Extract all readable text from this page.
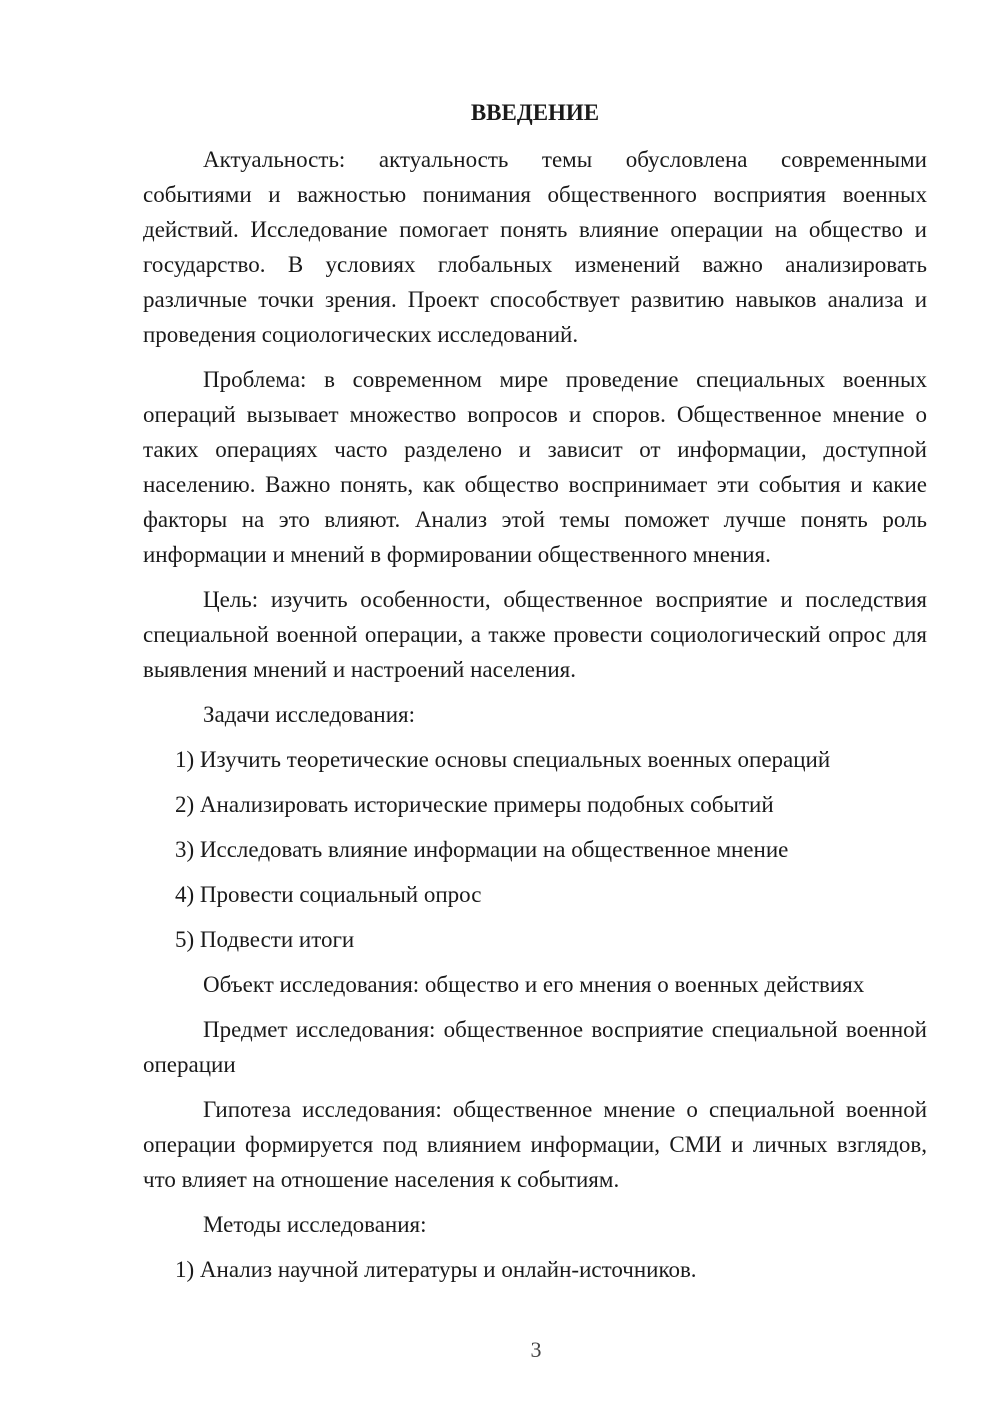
ВВЕДЕНИЕ

Актуальность: актуальность темы обусловлена современными событиями и важностью понимания общественного восприятия военных действий. Исследование помогает понять влияние операции на общество и государство. В условиях глобальных изменений важно анализировать различные точки зрения. Проект способствует развитию навыков анализа и проведения социологических исследований.

Проблема: в современном мире проведение специальных военных операций вызывает множество вопросов и споров. Общественное мнение о таких операциях часто разделено и зависит от информации, доступной населению. Важно понять, как общество воспринимает эти события и какие факторы на это влияют. Анализ этой темы поможет лучше понять роль информации и мнений в формировании общественного мнения.

Цель: изучить особенности, общественное восприятие и последствия специальной военной операции, а также провести социологический опрос для выявления мнений и настроений населения.

Задачи исследования:

1) Изучить теоретические основы специальных военных операций
2) Анализировать исторические примеры подобных событий
3) Исследовать влияние информации на общественное мнение
4) Провести социальный опрос
5) Подвести итоги

Объект исследования: общество и его мнения о военных действиях

Предмет исследования: общественное восприятие специальной военной операции

Гипотеза исследования: общественное мнение о специальной военной операции формируется под влиянием информации, СМИ и личных взглядов, что влияет на отношение населения к событиям.

Методы исследования:

1) Анализ научной литературы и онлайн-источников.
3
